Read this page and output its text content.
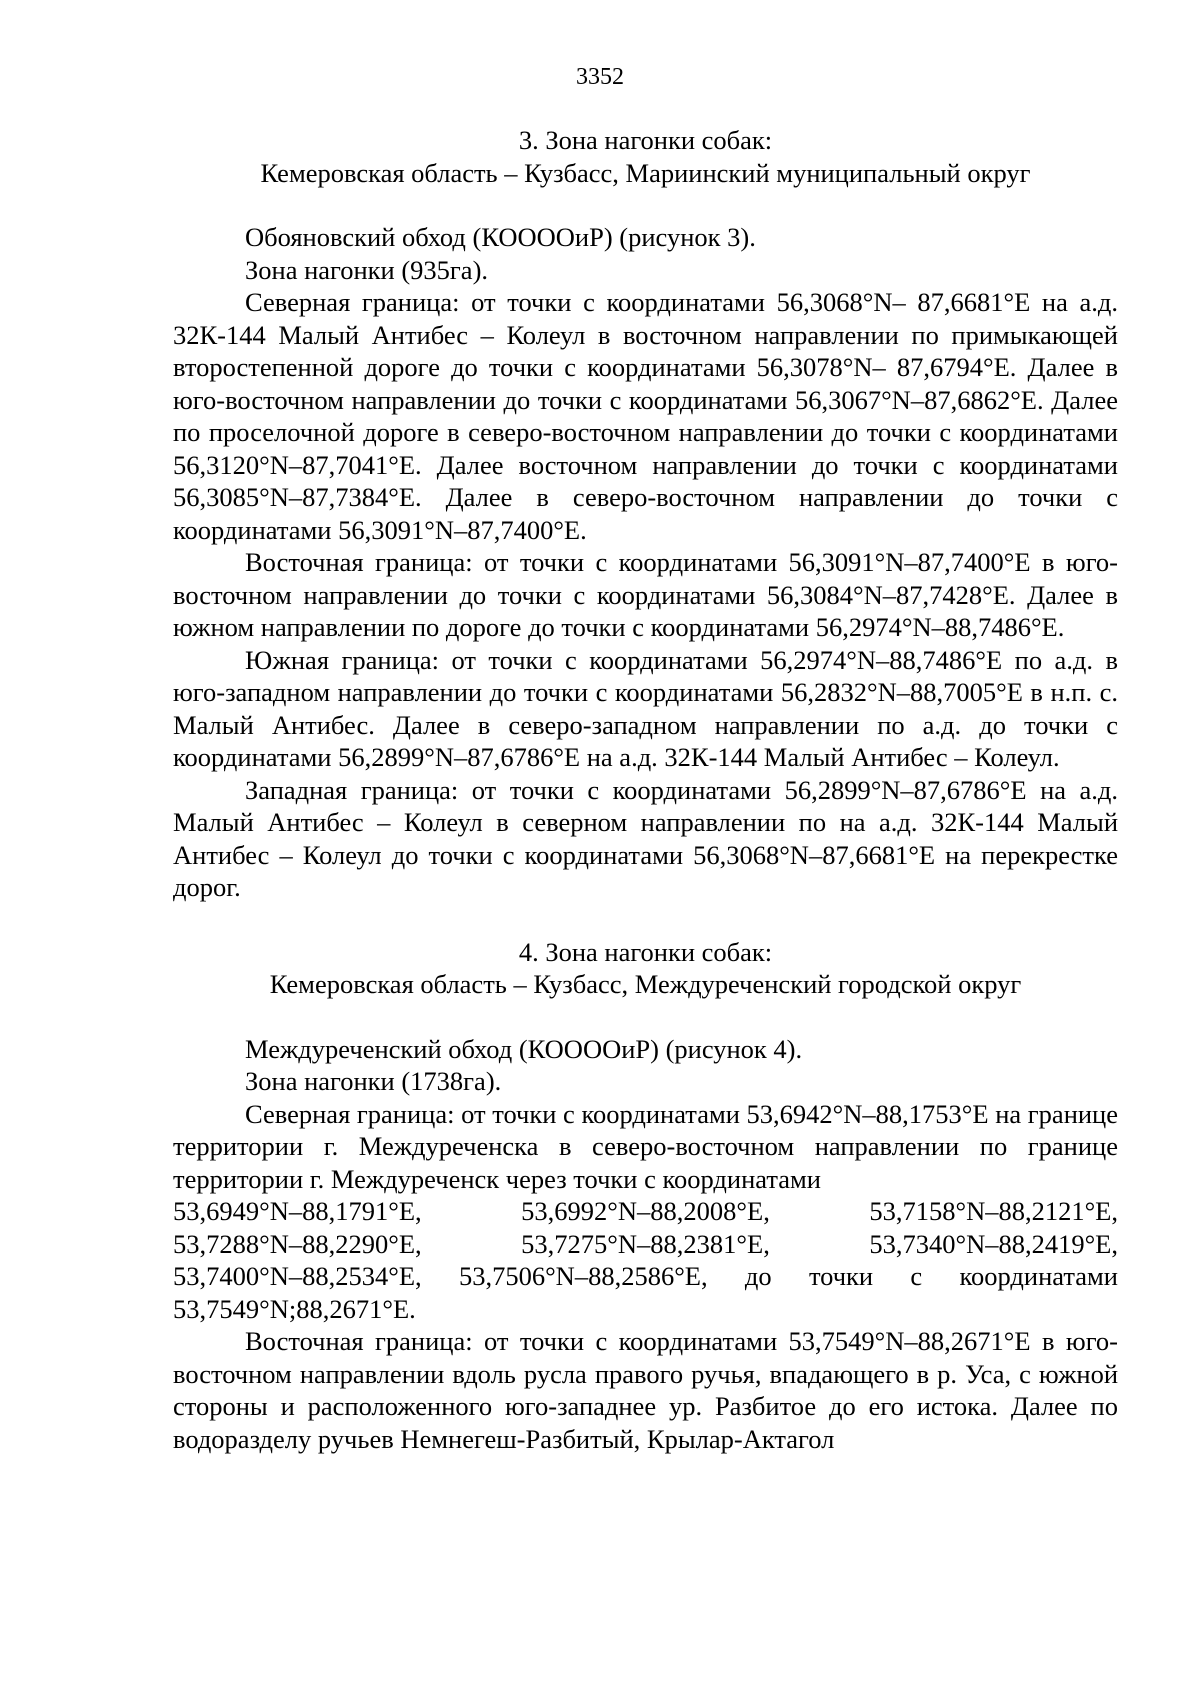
3352

3. Зона нагонки собак:

Кемеровская область – Кузбасс, Мариинский муниципальный округ

Обояновский обход (КООООиР) (рисунок 3).

Зона нагонки (935га).

Северная граница: от точки с координатами 56,3068°N– 87,6681°E на а.д. 32К-144 Малый Антибес – Колеул в восточном направлении по примыкающей второстепенной дороге до точки с координатами 56,3078°N– 87,6794°E. Далее в юго-восточном направлении до точки с координатами 56,3067°N–87,6862°E. Далее по проселочной дороге в северо-восточном направлении до точки с координатами 56,3120°N–87,7041°E. Далее восточном направлении до точки с координатами 56,3085°N–87,7384°E. Далее в северо-восточном направлении до точки с координатами 56,3091°N–87,7400°E.

Восточная граница: от точки с координатами 56,3091°N–87,7400°E в юго-восточном направлении до точки с координатами 56,3084°N–87,7428°E. Далее в южном направлении по дороге до точки с координатами 56,2974°N–88,7486°E.

Южная граница: от точки с координатами 56,2974°N–88,7486°E по а.д. в юго-западном направлении до точки с координатами 56,2832°N–88,7005°E в н.п. с. Малый Антибес. Далее в северо-западном направлении по а.д. до точки с координатами 56,2899°N–87,6786°E на а.д. 32К-144 Малый Антибес – Колеул.

Западная граница: от точки с координатами 56,2899°N–87,6786°E на а.д. Малый Антибес – Колеул в северном направлении по на а.д. 32К-144 Малый Антибес – Колеул до точки с координатами 56,3068°N–87,6681°E на перекрестке дорог.

4. Зона нагонки собак:

Кемеровская область – Кузбасс, Междуреченский городской округ

Междуреченский обход (КООООиР) (рисунок 4).

Зона нагонки (1738га).

Северная граница: от точки с координатами 53,6942°N–88,1753°E на границе территории г. Междуреченска в северо-восточном направлении по границе территории г. Междуреченск через точки с координатами

53,6949°N–88,1791°E,	53,6992°N–88,2008°E,	53,7158°N–88,2121°E,
53,7288°N–88,2290°E,	53,7275°N–88,2381°E,	53,7340°N–88,2419°E,
53,7400°N–88,2534°E, 53,7506°N–88,2586°E, до точки с координатами

53,7549°N;88,2671°E.

Восточная граница: от точки с координатами 53,7549°N–88,2671°E в юго-восточном направлении вдоль русла правого ручья, впадающего в р. Уса, с южной стороны и расположенного юго-западнее ур. Разбитое до его истока. Далее по водоразделу ручьев Немнегеш-Разбитый, Крылар-Актагол
